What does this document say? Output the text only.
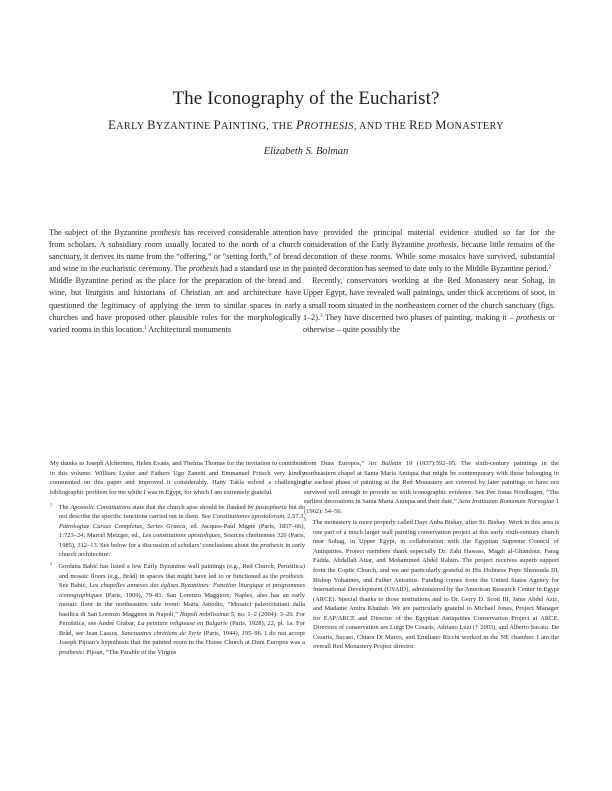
The Iconography of the Eucharist?
EARLY BYZANTINE PAINTING, THE PROTHESIS, AND THE RED MONASTERY
Elizabeth S. Bolman

The subject of the Byzantine prothesis has received considerable attention from scholars. A subsidiary room usually located to the north of a church sanctuary, it derives its name from the “offering,” or “setting forth,” of bread and wine in the eucharistic ceremony. The prothesis had a standard use in the Middle Byzantine period as the place for the preparation of the bread and wine, but liturgists and historians of Christian art and architecture have questioned the legitimacy of applying the term to similar spaces in early churches and have proposed other plausible roles for the morphologically varied rooms in this location.$^1$ Architectural monuments

have provided the principal material evidence studied so far for the consideration of the Early Byzantine prothesis, because little remains of the decoration of these rooms. While some mosaics have survived, substantial painted decoration has seemed to date only to the Middle Byzantine period.$^2$

Recently, conservators working at the Red Monastery near Sohag, in Upper Egypt, have revealed wall paintings, under thick accretions of soot, in a small room situated in the northeastern corner of the church sanctuary (figs. 1–2).$^3$ They have discerned two phases of painting, making it – prothesis or otherwise – quite possibly the

My thanks to Joseph Alchermes, Helen Evans, and Thelma Thomas for the invitation to contribute to this volume. William Lyster and Fathers Ugo Zanetti and Emmanuel Fritsch very kindly commented on this paper and improved it considerably. Hany Takla solved a challenging bibliographic problem for me while I was in Egypt, for which I am extremely grateful.

$^1$  The Apostolic Constitutions state that the church apse should be flanked by pastophoria but do not describe the specific functions carried out in them. See Constitutiones apostolorum, 2.57.3, Patrologiae Cursus Completus, Series Graeca, ed. Jacques-Paul Migne (Paris, 1857–66), 1:723–24; Marcel Metzger, ed., Les constitutions apostoliques, Sources chrétiennes 320 (Paris, 1985), 312–13. See below for a discussion of scholars’ conclusions about the prothesis in early church architecture.

$^2$  Gordana Babić has listed a few Early Byzantine wall paintings (e.g., Red Church, Perušitica) and mosaic floors (e.g., Brâd) in spaces that might have led to or functioned as the prothesis. See Babić, Les chapelles annexes des églises Byzantines: Fonction liturgique et programmes iconographiques (Paris, 1969), 79–81. San Lorenzo Maggiore, Naples, also has an early mosaic floor in the northeastern side room: Maria Amodio, “Mosaici paleocristiani dalla basilica di San Lorenzo Maggiore in Napoli,” Napoli nobilissima 5, no. 1–2 (2004): 3–20. For Perušitica, see André Grabar, La peinture religieuse en Bulgarie (Paris, 1928), 22, pl. 1a. For Brâd, see Jean Lassus, Sanctuaires chrétiens de Syrie (Paris, 1944), 195–96. I do not accept Joseph Pijoan’s hypothesis that the painted room in the House Church at Dura Europos was a prothesis: Pijoan, “The Parable of the Virgins

from Dura Europos,” Art Bulletin 19 (1937):592–95. The sixth-century paintings in the northeastern chapel at Santa Maria Antiqua that might be contemporary with those belonging to the earliest phase of painting at the Red Monastery are covered by later paintings or have not survived well enough to provide us with iconographic evidence. See Per Jonas Nordhagen, “The earliest decorations in Santa Maria Antiqua and their date,” Acta Institutum Romanum Norvegiae 1 (1962): 54–56.

$^3$  The monastery is more properly called Dayr Anba Bishay, after St. Bishay. Work in this area is one part of a much larger wall painting conservation project at this early sixth-century church near Sohag, in Upper Egypt, in collaboration with the Egyptian Supreme Council of Antiquities. Project members thank especially Dr. Zahi Hawass, Magdi al-Ghandour, Farag Fadda, Abdallah Attar, and Mohammed Abdel Rahim. The project receives superb support from the Coptic Church, and we are particularly grateful to His Holiness Pope Shenouda III, Bishop Yohannes, and Father Antonius. Funding comes from the United States Agency for International Development (USAID), administered by the American Research Center in Egypt (ARCE). Special thanks to those institutions and to Dr. Gerry D. Scott III, Janie Abdel Aziz, and Madame Amira Khattab. We are particularly grateful to Michael Jones, Project Manager for EAP/ARCE and Director of the Egyptian Antiquities Conservation Project at ARCE. Directors of conservation are Luigi De Cesaris, Adriano Luzi († 2003), and Alberto Sucato. De Cesaris, Sucato, Chiara Di Marco, and Emiliano Ricchi worked in the NE chamber. I am the overall Red Monastery Project director.
